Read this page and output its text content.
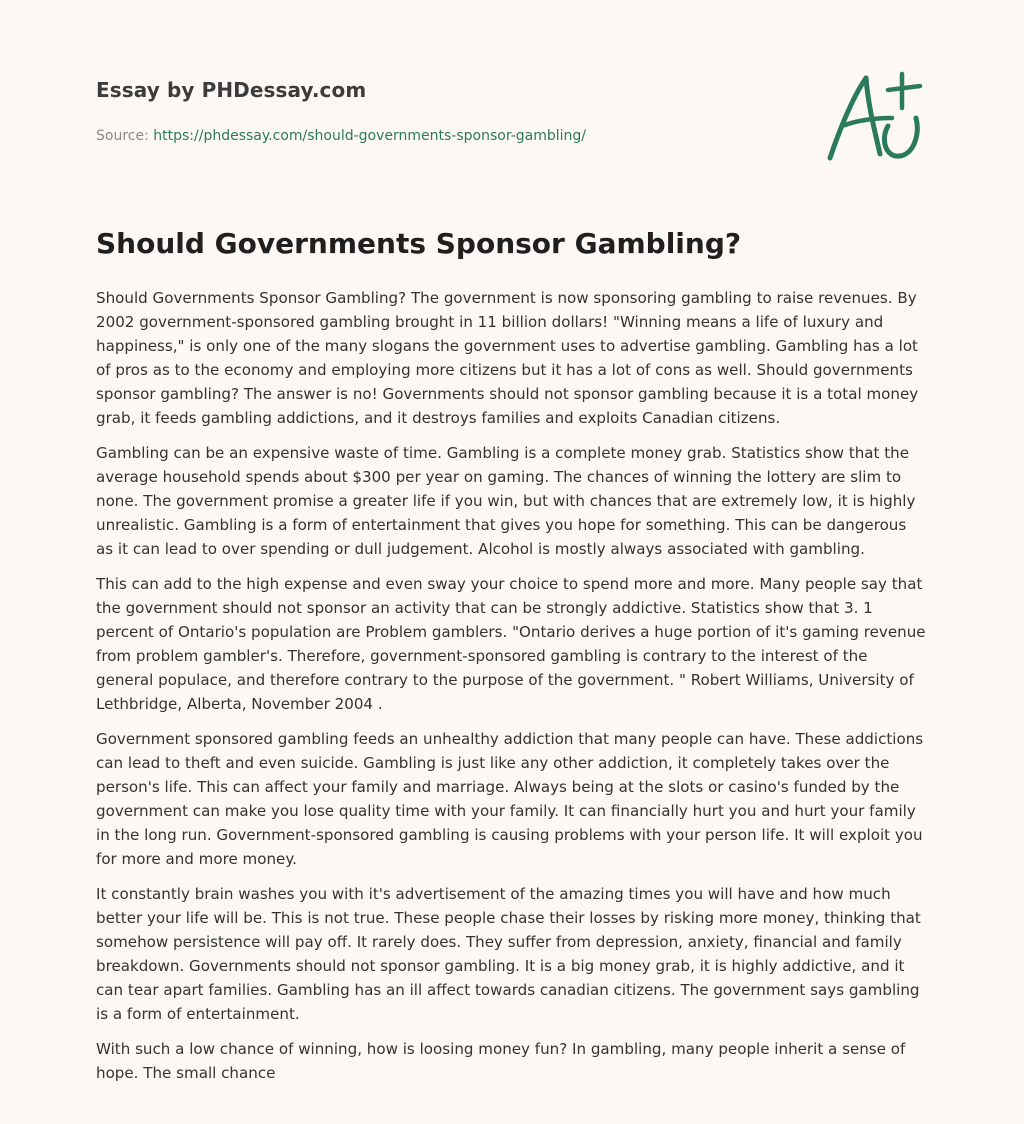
Essay by PHDessay.com
Source: https://phdessay.com/should-governments-sponsor-gambling/
Should Governments Sponsor Gambling?

Should Governments Sponsor Gambling? The government is now sponsoring gambling to raise revenues. By 2002 government-sponsored gambling brought in 11 billion dollars! "Winning means a life of luxury and happiness," is only one of the many slogans the government uses to advertise gambling. Gambling has a lot of pros as to the economy and employing more citizens but it has a lot of cons as well. Should governments sponsor gambling? The answer is no! Governments should not sponsor gambling because it is a total money grab, it feeds gambling addictions, and it destroys families and exploits Canadian citizens.

Gambling can be an expensive waste of time. Gambling is a complete money grab. Statistics show that the average household spends about $300 per year on gaming. The chances of winning the lottery are slim to none. The government promise a greater life if you win, but with chances that are extremely low, it is highly unrealistic. Gambling is a form of entertainment that gives you hope for something. This can be dangerous as it can lead to over spending or dull judgement. Alcohol is mostly always associated with gambling.

This can add to the high expense and even sway your choice to spend more and more. Many people say that the government should not sponsor an activity that can be strongly addictive. Statistics show that 3. 1 percent of Ontario's population are Problem gamblers. "Ontario derives a huge portion of it's gaming revenue from problem gambler's. Therefore, government-sponsored gambling is contrary to the interest of the general populace, and therefore contrary to the purpose of the government. " Robert Williams, University of Lethbridge, Alberta, November 2004 .

Government sponsored gambling feeds an unhealthy addiction that many people can have. These addictions can lead to theft and even suicide. Gambling is just like any other addiction, it completely takes over the person's life. This can affect your family and marriage. Always being at the slots or casino's funded by the government can make you lose quality time with your family. It can financially hurt you and hurt your family in the long run. Government-sponsored gambling is causing problems with your person life. It will exploit you for more and more money.

It constantly brain washes you with it's advertisement of the amazing times you will have and how much better your life will be. This is not true. These people chase their losses by risking more money, thinking that somehow persistence will pay off. It rarely does. They suffer from depression, anxiety, financial and family breakdown. Governments should not sponsor gambling. It is a big money grab, it is highly addictive, and it can tear apart families. Gambling has an ill affect towards canadian citizens. The government says gambling is a form of entertainment.

With such a low chance of winning, how is loosing money fun? In gambling, many people inherit a sense of hope. The small chance
